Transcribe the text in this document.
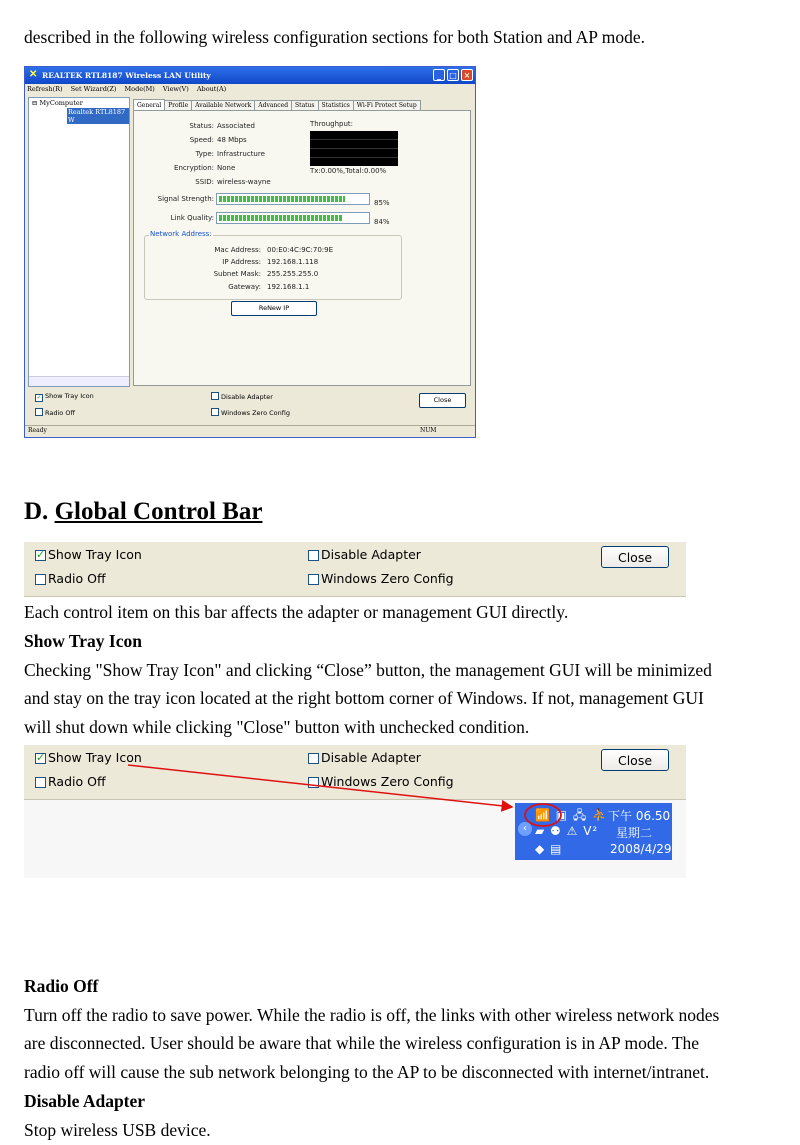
described in the following wireless configuration sections for both Station and AP mode.
✕ REALTEK RTL8187 Wireless LAN Utility	_	□ ×
Refresh(R) Set Wizard(Z) Mode(M) View(V) About(A)
⊟ MyComputer
Realtek RTL8187 W
General Profile Available Network Advanced Status Statistics Wi-Fi Protect Setup
Status: Associated
Speed: 48 Mbps
Type: Infrastructure
Encryption: None
SSID: wireless-wayne
Throughput:
Tx:0.00%,Total:0.00%
Signal Strength:	85%
Link Quality:	84%
Network Address:
Mac Address: 00:E0:4C:9C:70:9E
IP Address: 192.168.1.118
Subnet Mask: 255.255.255.0
Gateway: 192.168.1.1
ReNew IP
✓ Show Tray Icon
Radio Off
Disable Adapter
Windows Zero Config
Close
Ready	NUM
D. Global Control Bar
✓Show Tray Icon
Radio Off
Disable Adapter
Windows Zero Config
Close
Each control item on this bar affects the adapter or management GUI directly.
Show Tray Icon
Checking "Show Tray Icon" and clicking “Close” button, the management GUI will be minimized
and stay on the tray icon located at the right bottom corner of Windows. If not, management GUI
will shut down while clicking "Close" button with unchecked condition.
✓Show Tray Icon
Radio Off
Disable Adapter
Windows Zero Config
Close
📶 ▣ 🖧 ⛹
‹ ▰ ⚉ ⚠ V²
◆ ▤
下午 06.50
星期二
2008/4/29
Radio Off
Turn off the radio to save power. While the radio is off, the links with other wireless network nodes
are disconnected. User should be aware that while the wireless configuration is in AP mode. The
radio off will cause the sub network belonging to the AP to be disconnected with internet/intranet.
Disable Adapter
Stop wireless USB device.
